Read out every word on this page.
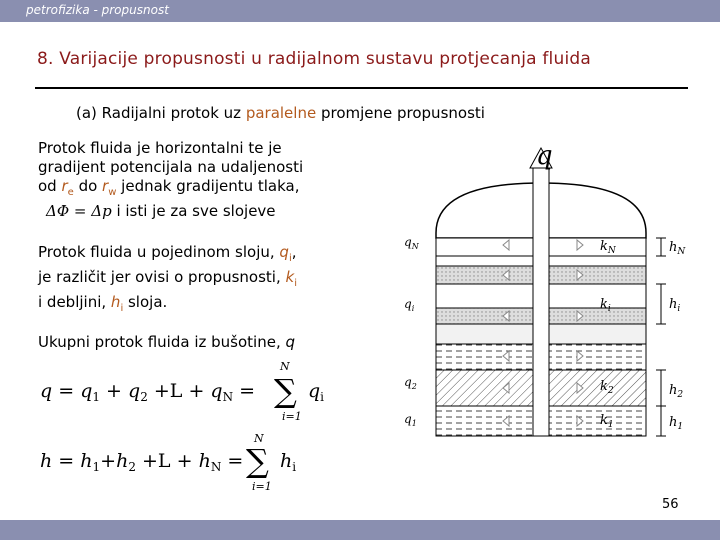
petrofizika - propusnost
8. Varijacije propusnosti u radijalnom sustavu protjecanja fluida
(a) Radijalni protok uz paralelne promjene propusnosti
Protok fluida je horizontalni te je
gradijent potencijala na udaljenosti
od $r_e$ do $r_w$ jednak gradijentu tlaka,
ΔΦ = Δp i isti je za sve slojeve
Protok fluida u pojedinom sloju, $q_i$,
je različit jer ovisi o propusnosti, $k_i$
i debljini, $h_i$ sloja.
Ukupni protok fluida iz bušotine, q
$q = q_1 + q_2 +L + q_N$ =
N
∑
i=1
$q_i$
$h = h_1+h_2 +L + h_N$ =
N
∑
i=1
$h_i$
q
$q_N$
$q_i$
$q_2$
$q_1$
$k_N$
$k_i$
$k_2$
$k_1$
$h_N$
$h_i$
$h_2$
$h_1$
56
